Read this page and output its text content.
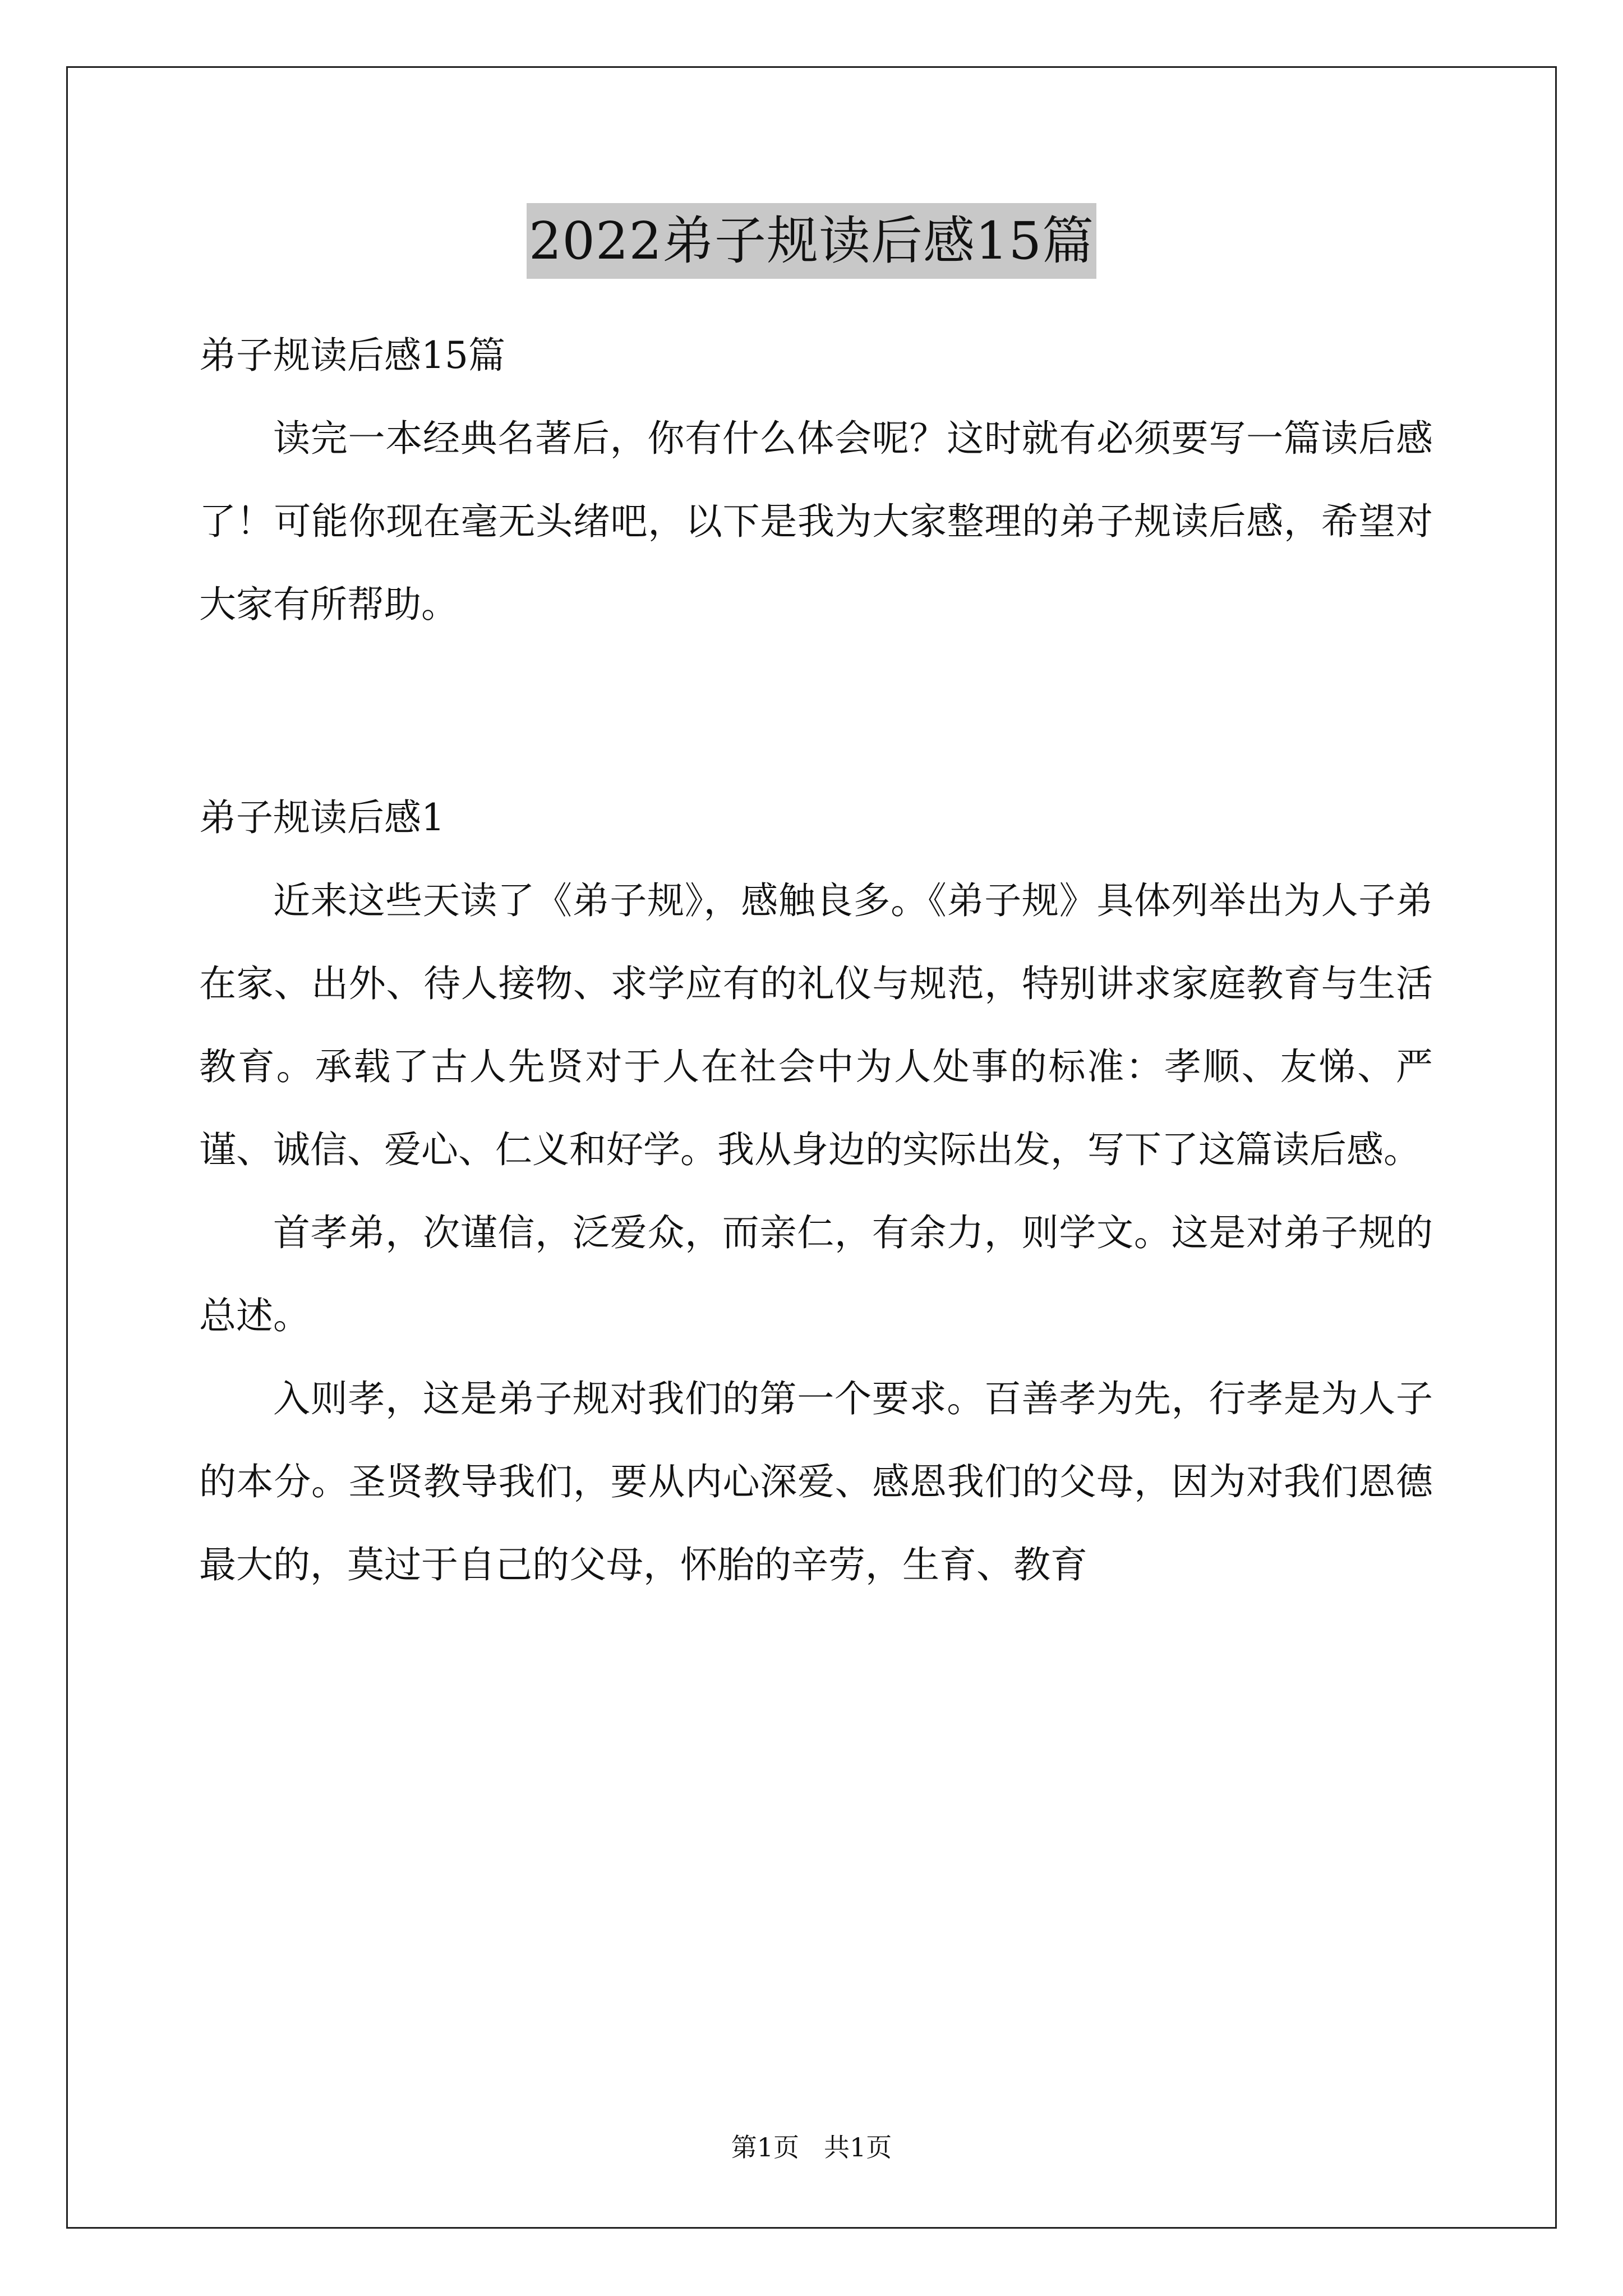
2022弟子规读后感15篇

弟子规读后感15篇

读完一本经典名著后，你有什么体会呢？这时就有必须要写一篇读后感了！可能你现在毫无头绪吧，以下是我为大家整理的弟子规读后感，希望对大家有所帮助。

弟子规读后感1

近来这些天读了《弟子规》，感触良多。《弟子规》具体列举出为人子弟在家、出外、待人接物、求学应有的礼仪与规范，特别讲求家庭教育与生活教育。承载了古人先贤对于人在社会中为人处事的标准：孝顺、友悌、严谨、诚信、爱心、仁义和好学。我从身边的实际出发，写下了这篇读后感。

首孝弟，次谨信，泛爱众，而亲仁，有余力，则学文。这是对弟子规的总述。

入则孝，这是弟子规对我们的第一个要求。百善孝为先，行孝是为人子的本分。圣贤教导我们，要从内心深爱、感恩我们的父母，因为对我们恩德最大的，莫过于自己的父母，怀胎的辛劳，生育、教育

第1页 共1页
